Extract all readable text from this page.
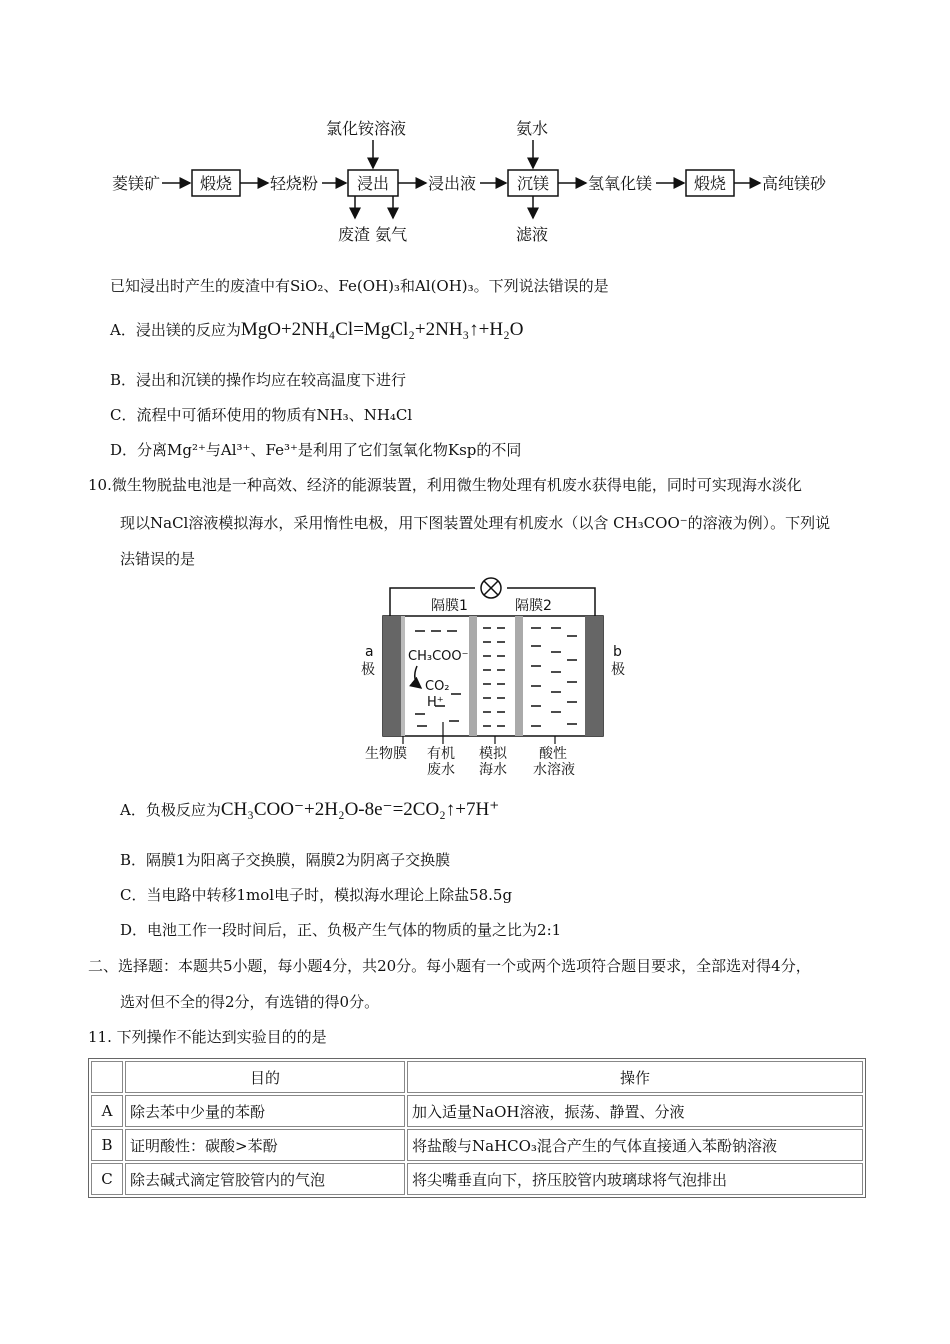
菱镁矿 煅烧 轻烧粉
氯化铵溶液
浸出
废渣 氨气
浸出液
氨水
沉镁
滤液
氢氧化镁	煅烧 高纯镁砂
已知浸出时产生的废渣中有SiO₂、Fe(OH)₃和Al(OH)₃。下列说法错误的是
A．浸出镁的反应为MgO+2NH₄Cl=MgCl₂+2NH₃↑+H₂O
B．浸出和沉镁的操作均应在较高温度下进行
C．流程中可循环使用的物质有NH₃、NH₄Cl
D．分离Mg²⁺与Al³⁺、Fe³⁺是利用了它们氢氧化物Ksp的不同
10.微生物脱盐电池是一种高效、经济的能源装置，利用微生物处理有机废水获得电能，同时可实现海水淡化
现以NaCl溶液模拟海水，采用惰性电极，用下图装置处理有机废水（以含 CH₃COO⁻的溶液为例）。下列说
法错误的是
隔膜1	隔膜2
a
极
b
极
CH₃COO⁻
CO₂
H⁺
生物膜 有机
废水
模拟
海水
酸性
水溶液
A．负极反应为CH₃COO⁻+2H₂O-8e⁻=2CO₂↑+7H⁺
B．隔膜1为阳离子交换膜，隔膜2为阴离子交换膜
C．当电路中转移1mol电子时，模拟海水理论上除盐58.5g
D．电池工作一段时间后，正、负极产生气体的物质的量之比为2:1
二、选择题：本题共5小题，每小题4分，共20分。每小题有一个或两个选项符合题目要求，全部选对得4分，
选对但不全的得2分，有选错的得0分。
11. 下列操作不能达到实验目的的是
	目的	操作
A	除去苯中少量的苯酚	加入适量NaOH溶液，振荡、静置、分液
B	证明酸性：碳酸>苯酚	将盐酸与NaHCO₃混合产生的气体直接通入苯酚钠溶液
C	除去碱式滴定管胶管内的气泡	将尖嘴垂直向下，挤压胶管内玻璃球将气泡排出
